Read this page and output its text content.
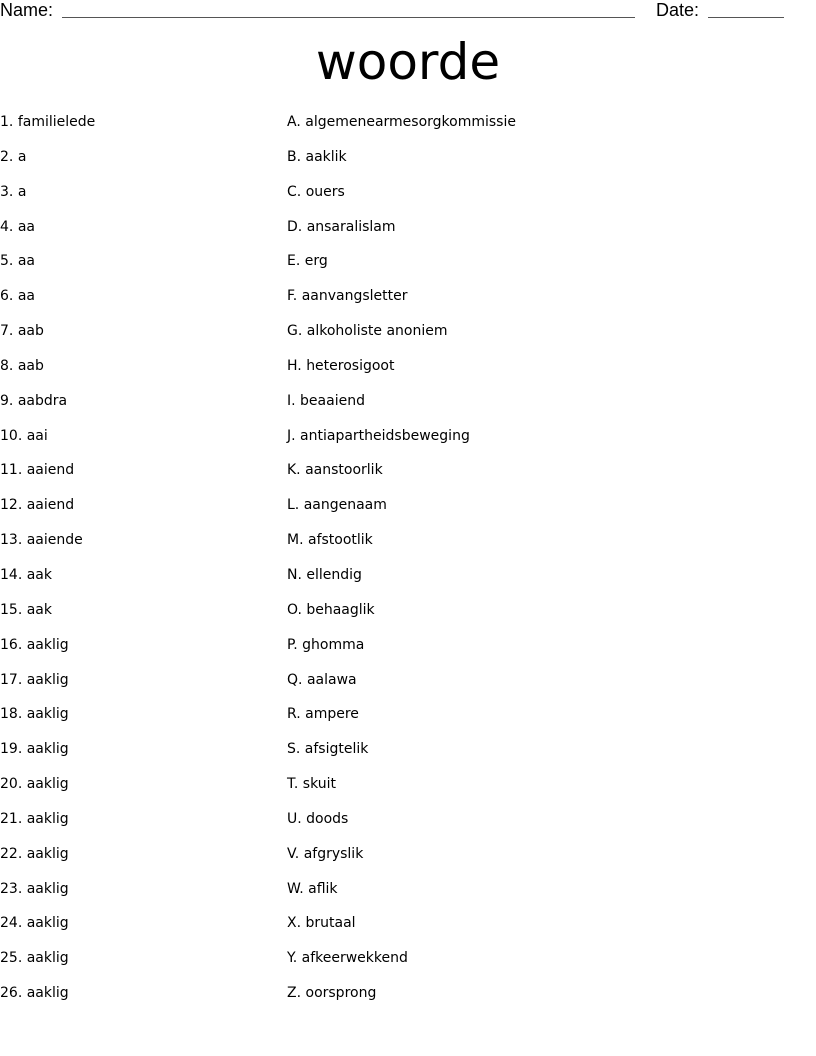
Name:	Date:
woorde
1. familielede
2. a
3. a
4. aa
5. aa
6. aa
7. aab
8. aab
9. aabdra
10. aai
11. aaiend
12. aaiend
13. aaiende
14. aak
15. aak
16. aaklig
17. aaklig
18. aaklig
19. aaklig
20. aaklig
21. aaklig
22. aaklig
23. aaklig
24. aaklig
25. aaklig
26. aaklig
A. algemenearmesorgkommissie
B. aaklik
C. ouers
D. ansaralislam
E. erg
F. aanvangsletter
G. alkoholiste anoniem
H. heterosigoot
I. beaaiend
J. antiapartheidsbeweging
K. aanstoorlik
L. aangenaam
M. afstootlik
N. ellendig
O. behaaglik
P. ghomma
Q. aalawa
R. ampere
S. afsigtelik
T. skuit
U. doods
V. afgryslik
W. aflik
X. brutaal
Y. afkeerwekkend
Z. oorsprong
